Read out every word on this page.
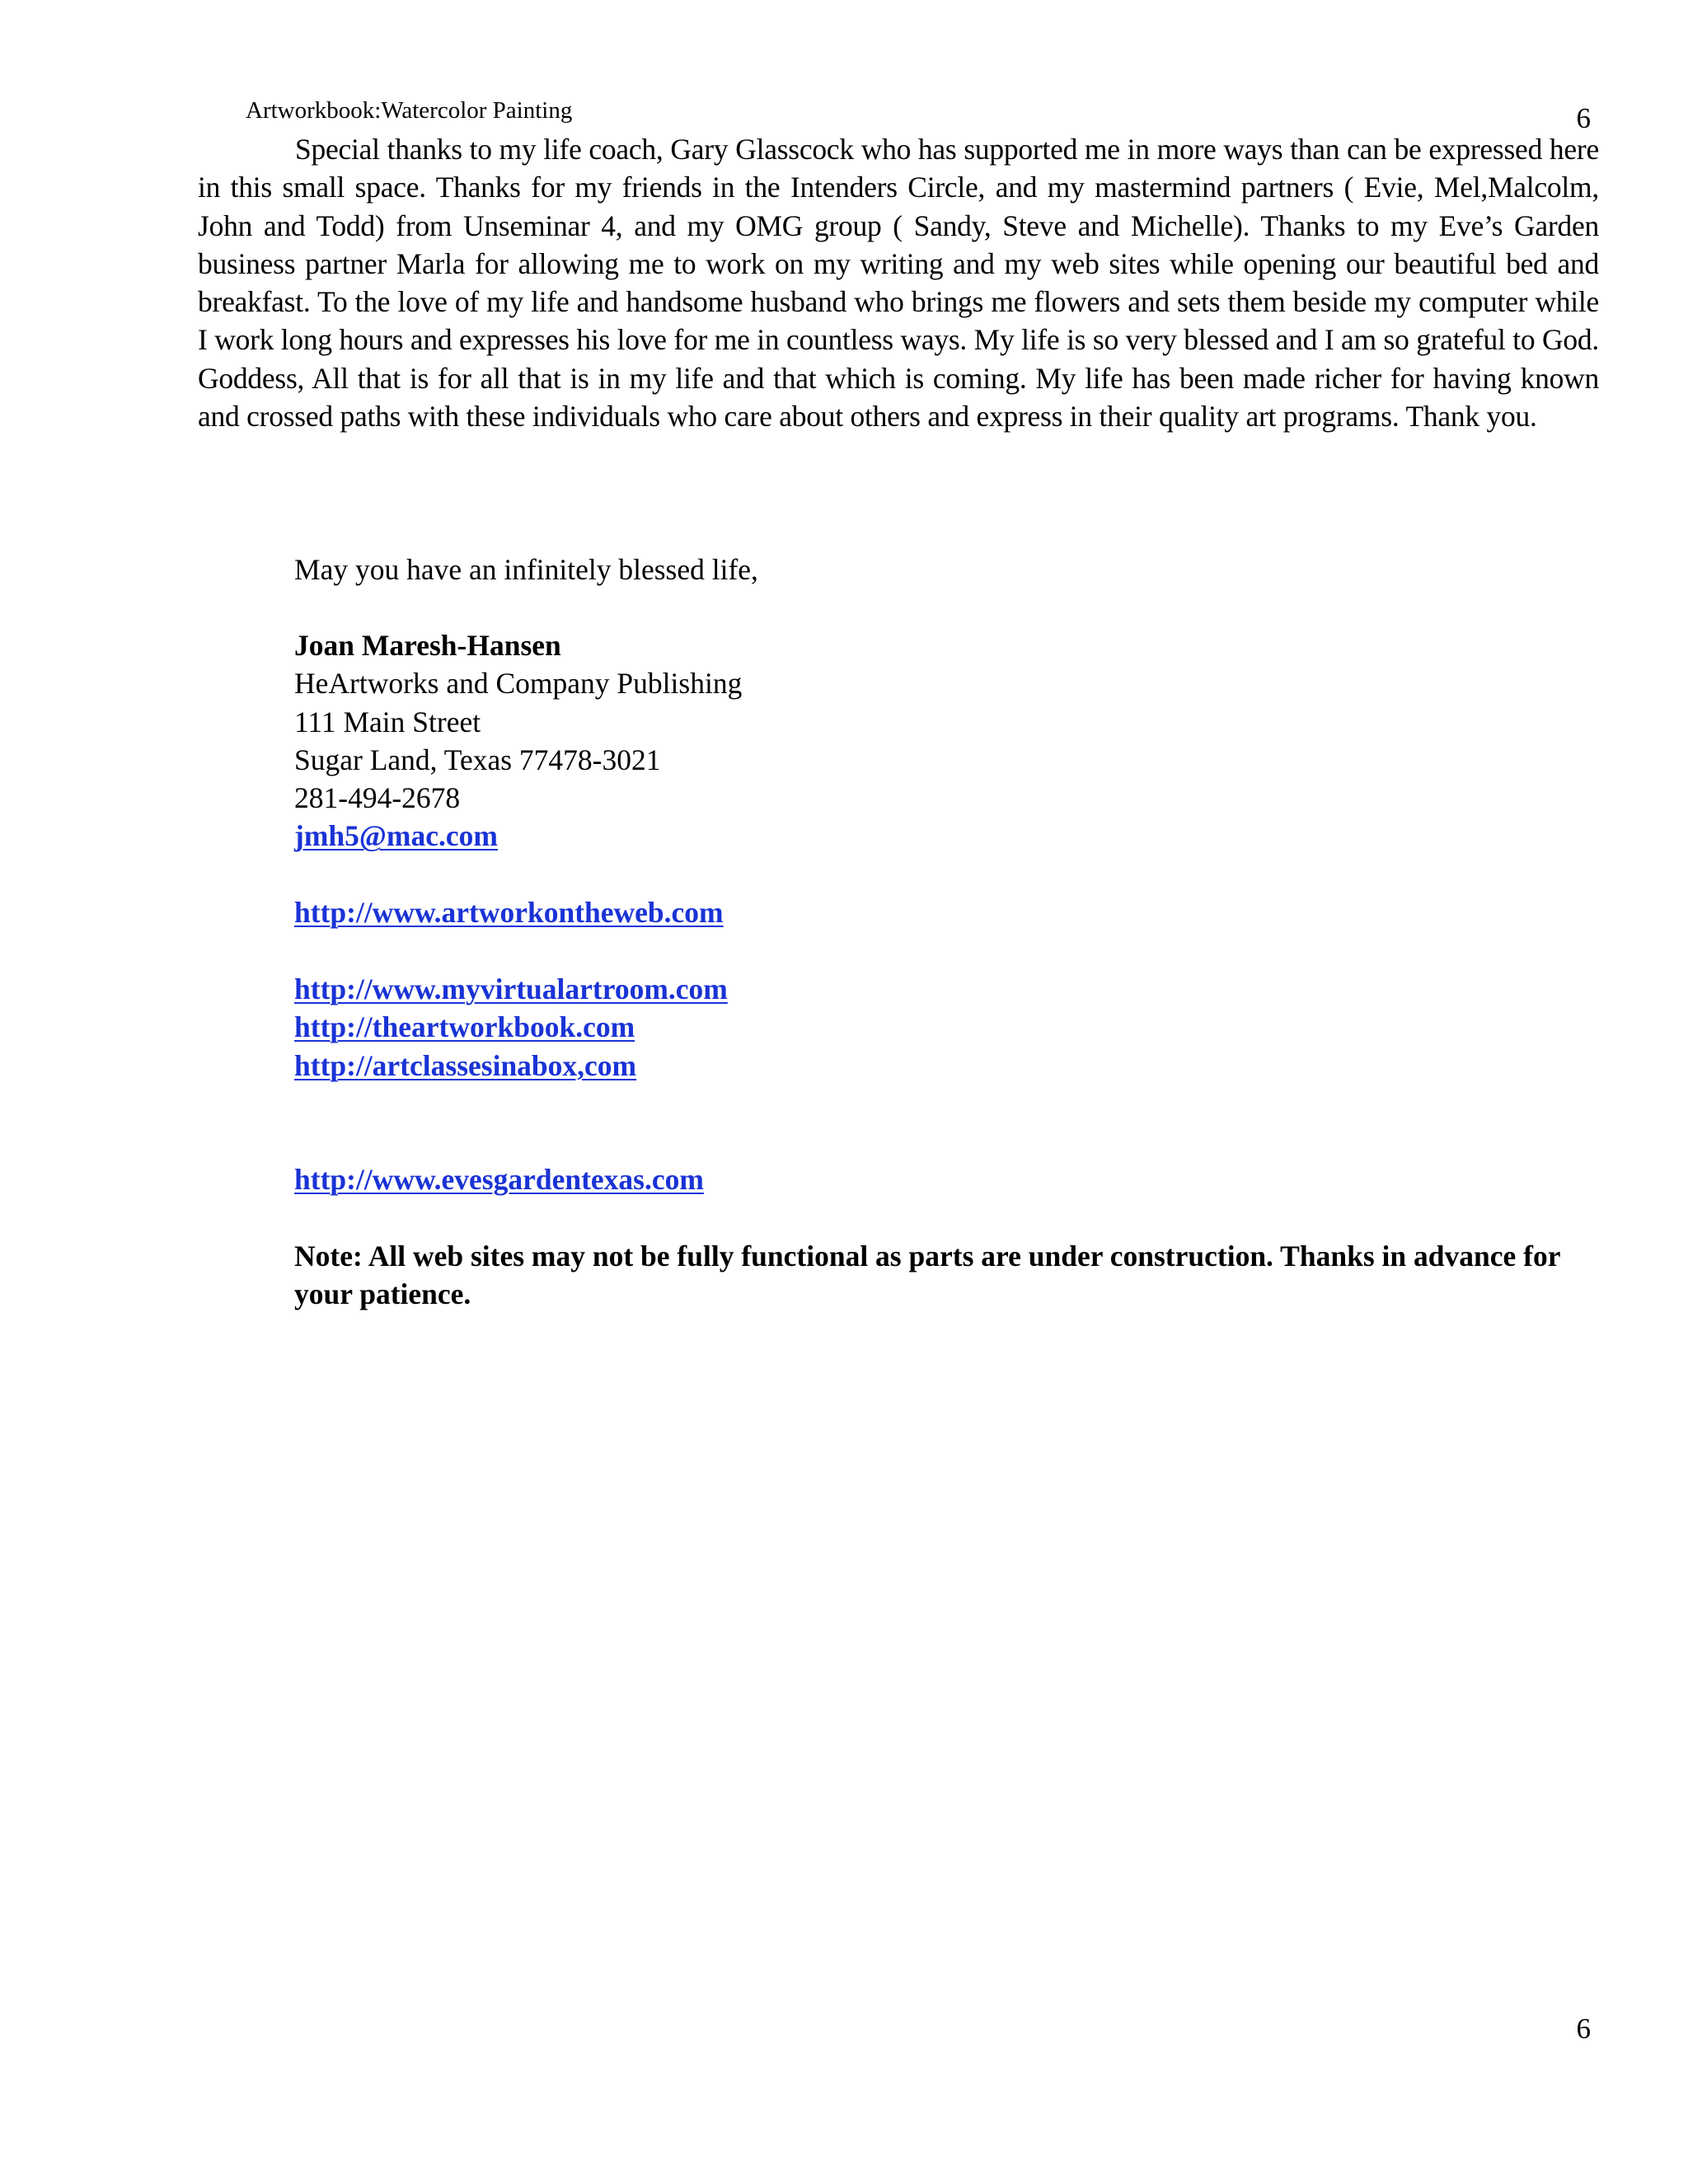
Artworkbook:Watercolor Painting	6

Special thanks to my life coach, Gary Glasscock who has supported me in more ways than can be expressed here in this small space. Thanks for my friends in the Intenders Circle, and my mastermind partners ( Evie, Mel,Malcolm, John and Todd) from Unseminar 4, and my OMG group ( Sandy, Steve and Michelle). Thanks to my Eve’s Garden business partner Marla for allowing me to work on my writing and my web sites while opening our beautiful bed and breakfast. To the love of my life and handsome husband who brings me flowers and sets them beside my computer while I work long hours and expresses his love for me in countless ways. My life is so very blessed and I am so grateful to God. Goddess, All that is for all that is in my life and that which is coming. My life has been made richer for having known and crossed paths with these individuals who care about others and express in their quality art programs. Thank you.

May you have an infinitely blessed life,
Joan Maresh-Hansen
HeArtworks and Company Publishing
111 Main Street
Sugar Land, Texas 77478-3021
281-494-2678
jmh5@mac.com
http://www.artworkontheweb.com
http://www.myvirtualartroom.com
http://theartworkbook.com
http://artclassesinabox,com
http://www.evesgardentexas.com
Note: All web sites may not be fully functional as parts are under construction. Thanks in advance for your patience.
6
